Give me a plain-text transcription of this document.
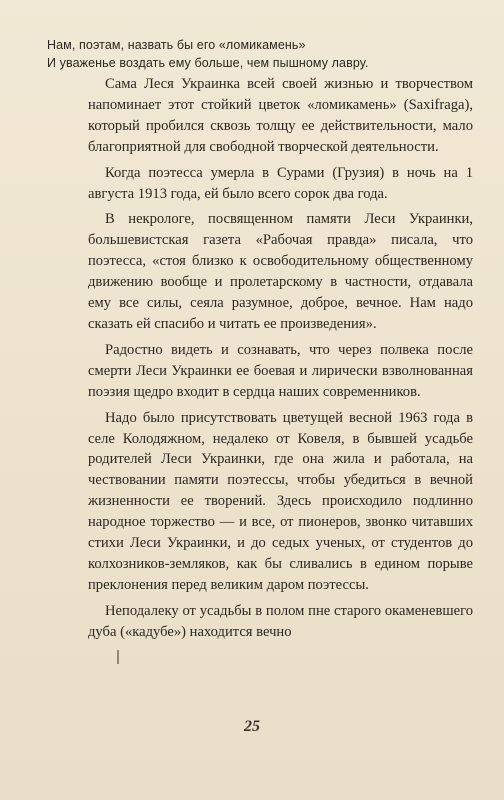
Нам, поэтам, назвать бы его «ломикамень»
И уваженье воздать ему больше, чем пышному лавру.

Сама Леся Украинка всей своей жизнью и творчеством напоминает этот стойкий цветок «ломикамень» (Saxifraga), который пробился сквозь толщу ее действительности, мало благоприятной для свободной творческой деятельности.

Когда поэтесса умерла в Сурами (Грузия) в ночь на 1 августа 1913 года, ей было всего сорок два года.

В некрологе, посвященном памяти Леси Украинки, большевистская газета «Рабочая правда» писала, что поэтесса, «стоя близко к освободительному общественному движению вообще и пролетарскому в частности, отдавала ему все силы, сеяла разумное, доброе, вечное. Нам надо сказать ей спасибо и читать ее произведения».

Радостно видеть и сознавать, что через полвека после смерти Леси Украинки ее боевая и лирически взволнованная поэзия щедро входит в сердца наших современников.

Надо было присутствовать цветущей весной 1963 года в селе Колодяжном, недалеко от Ковеля, в бывшей усадьбе родителей Леси Украинки, где она жила и работала, на чествовании памяти поэтессы, чтобы убедиться в вечной жизненности ее творений. Здесь происходило подлинно народное торжество — и все, от пионеров, звонко читавших стихи Леси Украинки, и до седых ученых, от студентов до колхозников-земляков, как бы сливались в едином порыве преклонения перед великим даром поэтессы.

Неподалеку от усадьбы в полом пне старого окаменевшего дуба («кадубе») находится вечно

25
